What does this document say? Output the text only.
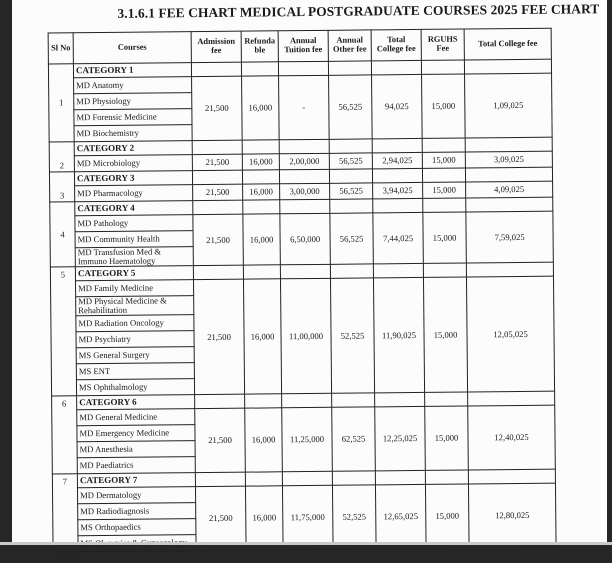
3.1.6.1 FEE CHART MEDICAL POSTGRADUATE COURSES 2025 FEE CHART
Sl No	Courses	Admission fee	Refunda ble	Annual Tuition fee	Annual Other fee	Total College fee	RGUHS Fee	Total College fee
1	CATEGORY 1							
	MD Anatomy	21,500	16,000	-	56,525	94,025	15,000	1,09,025
	MD Physiology							
	MD Forensic Medicine							
	MD Biochemistry							
2	CATEGORY 2							
	MD Microbiology	21,500	16,000	2,00,000	56,525	2,94,025	15,000	3,09,025
3	CATEGORY 3							
	MD Pharmacology	21,500	16,000	3,00,000	56,525	3,94,025	15,000	4,09,025
4	CATEGORY 4							
	MD Pathology	21,500	16,000	6,50,000	56,525	7,44,025	15,000	7,59,025
	MD Community Health							
	MD Transfusion Med & Immuno Haematology							
5	CATEGORY 5							
	MD Family Medicine	21,500	16,000	11,00,000	52,525	11,90,025	15,000	12,05,025
	MD Physical Medicine & Rehabilitation							
	MD Radiation Oncology							
	MD Psychiatry							
	MS General Surgery							
	MS ENT							
	MS Ophthalmology							
6	CATEGORY 6							
	MD General Medicine	21,500	16,000	11,25,000	62,525	12,25,025	15,000	12,40,025
	MD Emergency Medicine							
	MD Anesthesia							
	MD Paediatrics							
7	CATEGORY 7							
	MD Dermatology	21,500	16,000	11,75,000	52,525	12,65,025	15,000	12,80,025
	MD Radiodiagnosis							
	MS Orthopaedics							
